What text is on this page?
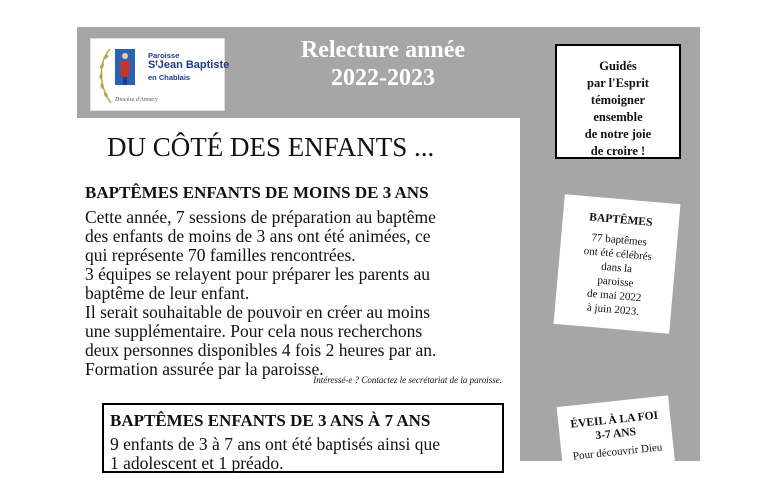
Paroisse
SᵗJean Baptiste
en Chablais
Diocèse d'Annecy
Relecture année
2022-2023	Guidés
par l'Esprit
témoigner
ensemble
de notre joie
de croire !
DU CÔTÉ DES ENFANTS ...
BAPTÊMES ENFANTS DE MOINS DE 3 ANS
Cette année, 7 sessions de préparation au baptême
des enfants de moins de 3 ans ont été animées, ce
qui représente 70 familles rencontrées.
3 équipes se relayent pour préparer les parents au
baptême de leur enfant.
Il serait souhaitable de pouvoir en créer au moins
une supplémentaire. Pour cela nous recherchons
deux personnes disponibles 4 fois 2 heures par an.
Formation assurée par la paroisse.
Intéressé-e ? Contactez le secrétariat de la paroisse.
BAPTÊMES ENFANTS DE 3 ANS À 7 ANS
9 enfants de 3 à 7 ans ont été baptisés ainsi que
1 adolescent et 1 préado.
BAPTÊMES
77 baptêmes
ont été célébrés
dans la
paroisse
de mai 2022
à juin 2023.
ÉVEIL À LA FOI
3-7 ANS
Pour découvrir Dieu
